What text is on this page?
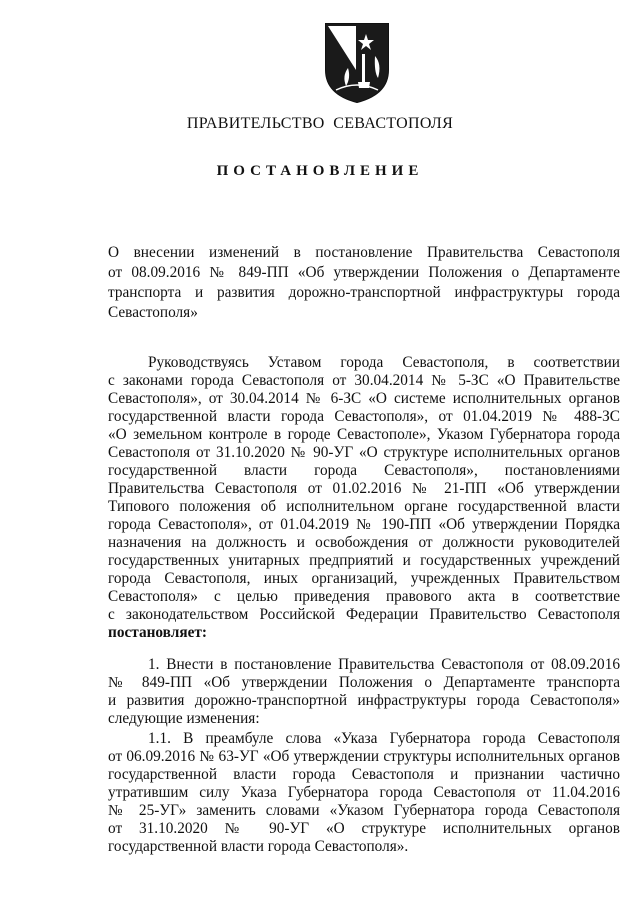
ПРАВИТЕЛЬСТВО  СЕВАСТОПОЛЯ
ПОСТАНОВЛЕНИЕ
О внесении изменений в постановление Правительства Севастополя
от 08.09.2016 № 849-ПП «Об утверждении Положения о Департаменте
транспорта и развития дорожно-транспортной инфраструктуры города
Севастополя»
Руководствуясь Уставом города Севастополя, в соответствии
с законами города Севастополя от 30.04.2014 № 5-ЗС «О Правительстве
Севастополя», от 30.04.2014 № 6-ЗС «О системе исполнительных органов
государственной власти города Севастополя», от 01.04.2019 № 488-ЗС
«О земельном контроле в городе Севастополе», Указом Губернатора города
Севастополя от 31.10.2020 № 90-УГ «О структуре исполнительных органов
государственной власти города Севастополя», постановлениями
Правительства Севастополя от 01.02.2016 № 21-ПП «Об утверждении
Типового положения об исполнительном органе государственной власти
города Севастополя», от 01.04.2019 № 190-ПП «Об утверждении Порядка
назначения на должность и освобождения от должности руководителей
государственных унитарных предприятий и государственных учреждений
города Севастополя, иных организаций, учрежденных Правительством
Севастополя» с целью приведения правового акта в соответствие
с законодательством Российской Федерации Правительство Севастополя
постановляет:
1. Внести в постановление Правительства Севастополя от 08.09.2016
№ 849-ПП «Об утверждении Положения о Департаменте транспорта
и развития дорожно-транспортной инфраструктуры города Севастополя»
следующие изменения:
1.1. В преамбуле слова «Указа Губернатора города Севастополя
от 06.09.2016 № 63-УГ «Об утверждении структуры исполнительных органов
государственной власти города Севастополя и признании частично
утратившим силу Указа Губернатора города Севастополя от 11.04.2016
№ 25-УГ» заменить словами «Указом Губернатора города Севастополя
от 31.10.2020 № 90-УГ «О структуре исполнительных органов
государственной власти города Севастополя».
